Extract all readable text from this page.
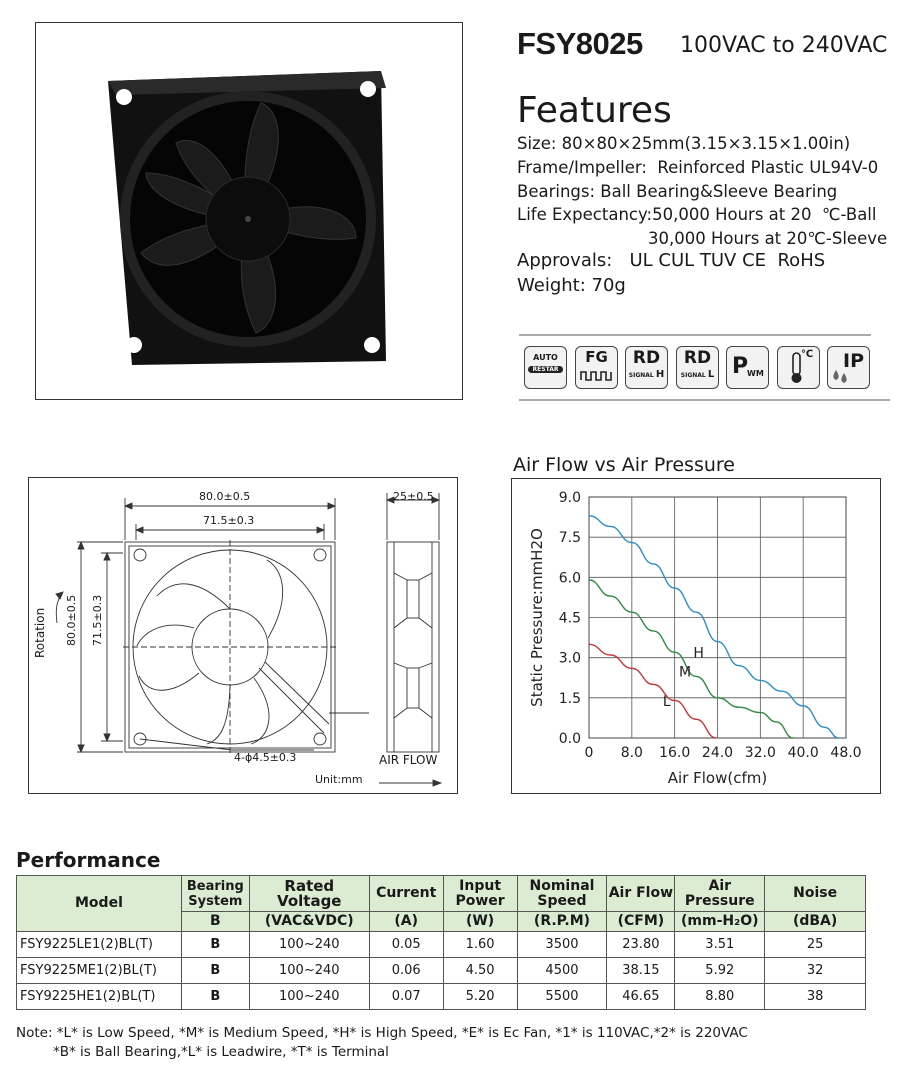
FSY8025 100VAC to 240VAC
Features
Size: 80×80×25mm(3.15×3.15×1.00in)
Frame/Impeller:  Reinforced Plastic UL94V-0
Bearings: Ball Bearing&Sleeve Bearing
Life Expectancy:50,000 Hours at 20  ℃-Ball
30,000 Hours at 20℃-Sleeve
Approvals:   UL CUL TUV CE  RoHS
Weight: 70g
AUTO
RESTAR
FG	RD
SIGNAL H
RD
SIGNAL L P
WM
℃ IP
80.0±0.5
71.5±0.3
25±0.5
80.0±0.5 71.5±0.3
Rotation
4-ϕ4.5±0.3
Unit:mm
AIR FLOW
Air Flow vs Air Pressure
0 8.0 16.0 24.0 32.0 40.0 48.0
0.0
1.5
3.0
4.5
6.0
7.5
9.0
Air Flow(cfm)
Static Pressure:mmH2O	H
M
L
Performance
Model	Bearing System	Rated Voltage	Current	Input Power	Nominal Speed	Air Flow	Air Pressure	Noise
	B	(VAC&VDC)	(A)	(W)	(R.P.M)	(CFM)	(mm-H₂O)	(dBA)
FSY9225LE1(2)BL(T)	B	100~240	0.05	1.60	3500	23.80	3.51	25
FSY9225ME1(2)BL(T)	B	100~240	0.06	4.50	4500	38.15	5.92	32
FSY9225HE1(2)BL(T)	B	100~240	0.07	5.20	5500	46.65	8.80	38
Note: *L* is Low Speed, *M* is Medium Speed, *H* is High Speed, *E* is Ec Fan, *1* is 110VAC,*2* is 220VAC
*B* is Ball Bearing,*L* is Leadwire, *T* is Terminal
